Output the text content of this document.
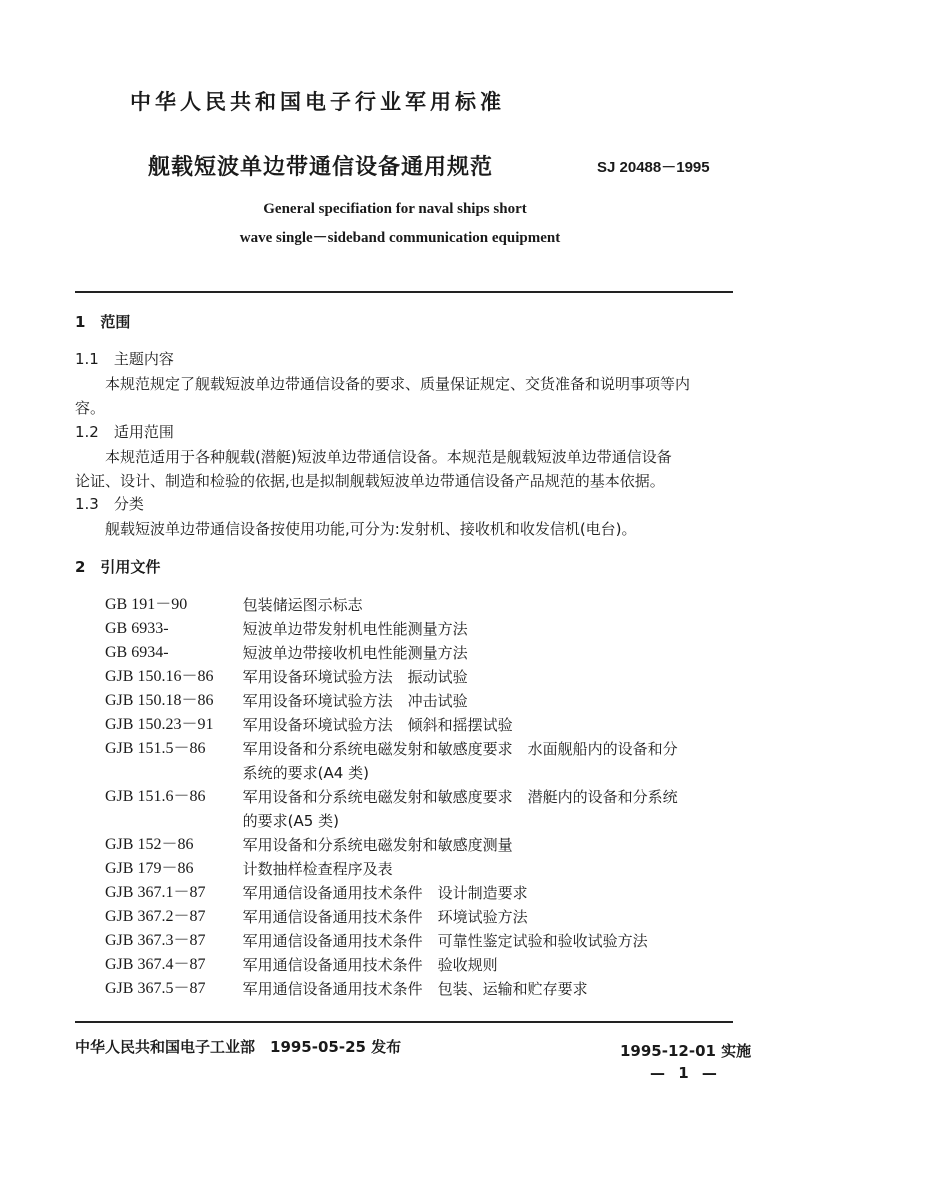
中华人民共和国电子行业军用标准
舰载短波单边带通信设备通用规范	SJ 20488－1995
General specifiation for naval ships short
wave single－sideband communication equipment
1　范围
1.1　主题内容
本规范规定了舰载短波单边带通信设备的要求、质量保证规定、交货准备和说明事项等内
容。
1.2　适用范围
本规范适用于各种舰载(潜艇)短波单边带通信设备。本规范是舰载短波单边带通信设备
论证、设计、制造和检验的依据,也是拟制舰载短波单边带通信设备产品规范的基本依据。
1.3　分类
舰载短波单边带通信设备按使用功能,可分为:发射机、接收机和收发信机(电台)。
2　引用文件
GB 191－90	包装储运图示标志
GB 6933-	短波单边带发射机电性能测量方法
GB 6934-	短波单边带接收机电性能测量方法
GJB 150.16－86	军用设备环境试验方法　振动试验
GJB 150.18－86	军用设备环境试验方法　冲击试验
GJB 150.23－91	军用设备环境试验方法　倾斜和摇摆试验
GJB 151.5－86	军用设备和分系统电磁发射和敏感度要求　水面舰船内的设备和分
系统的要求(A4 类)

GJB 151.6－86	军用设备和分系统电磁发射和敏感度要求　潜艇内的设备和分系统
的要求(A5 类)

GJB 152－86	军用设备和分系统电磁发射和敏感度测量
GJB 179－86	计数抽样检查程序及表
GJB 367.1－87	军用通信设备通用技术条件　设计制造要求
GJB 367.2－87	军用通信设备通用技术条件　环境试验方法
GJB 367.3－87	军用通信设备通用技术条件　可靠性鉴定试验和验收试验方法
GJB 367.4－87	军用通信设备通用技术条件　验收规则
GJB 367.5－87	军用通信设备通用技术条件　包装、运输和贮存要求
中华人民共和国电子工业部　1995-05-25 发布	1995-12-01 实施
— 1 —
